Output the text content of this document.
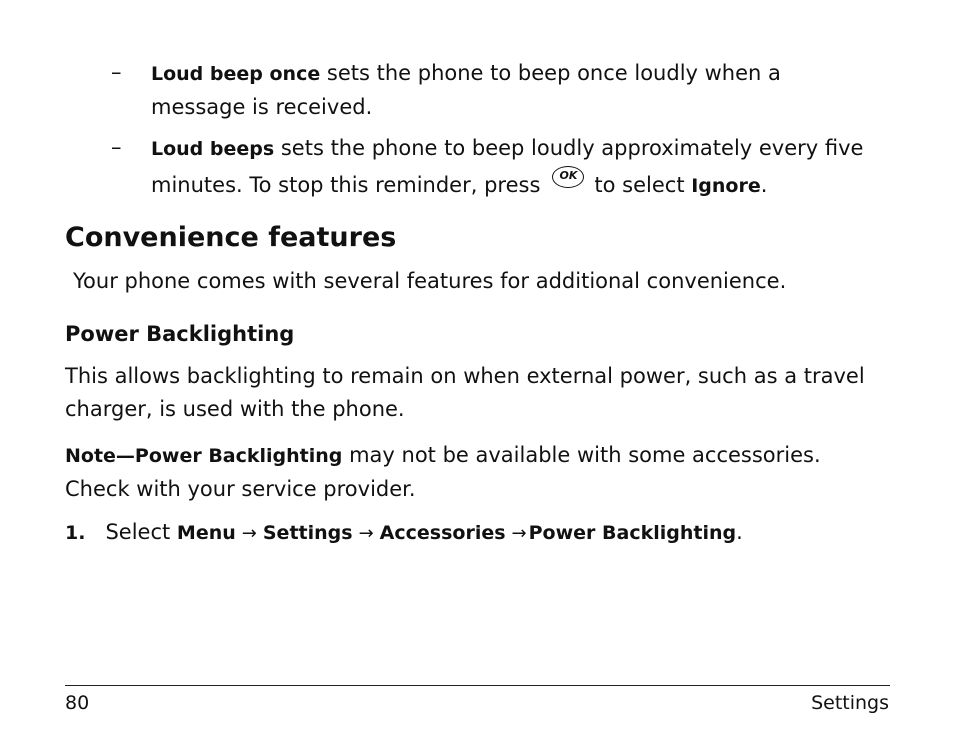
– Loud beep once sets the phone to beep once loudly when a
message is received.
– Loud beeps sets the phone to beep loudly approximately every five
minutes. To stop this reminder, press	OK to select Ignore.
Convenience features
Your phone comes with several features for additional convenience.
Power Backlighting
This allows backlighting to remain on when external power, such as a travel
charger, is used with the phone.
Note—Power Backlighting may not be available with some accessories.
Check with your service provider.
1. Select Menu → Settings → Accessories → Power Backlighting.
80	Settings
